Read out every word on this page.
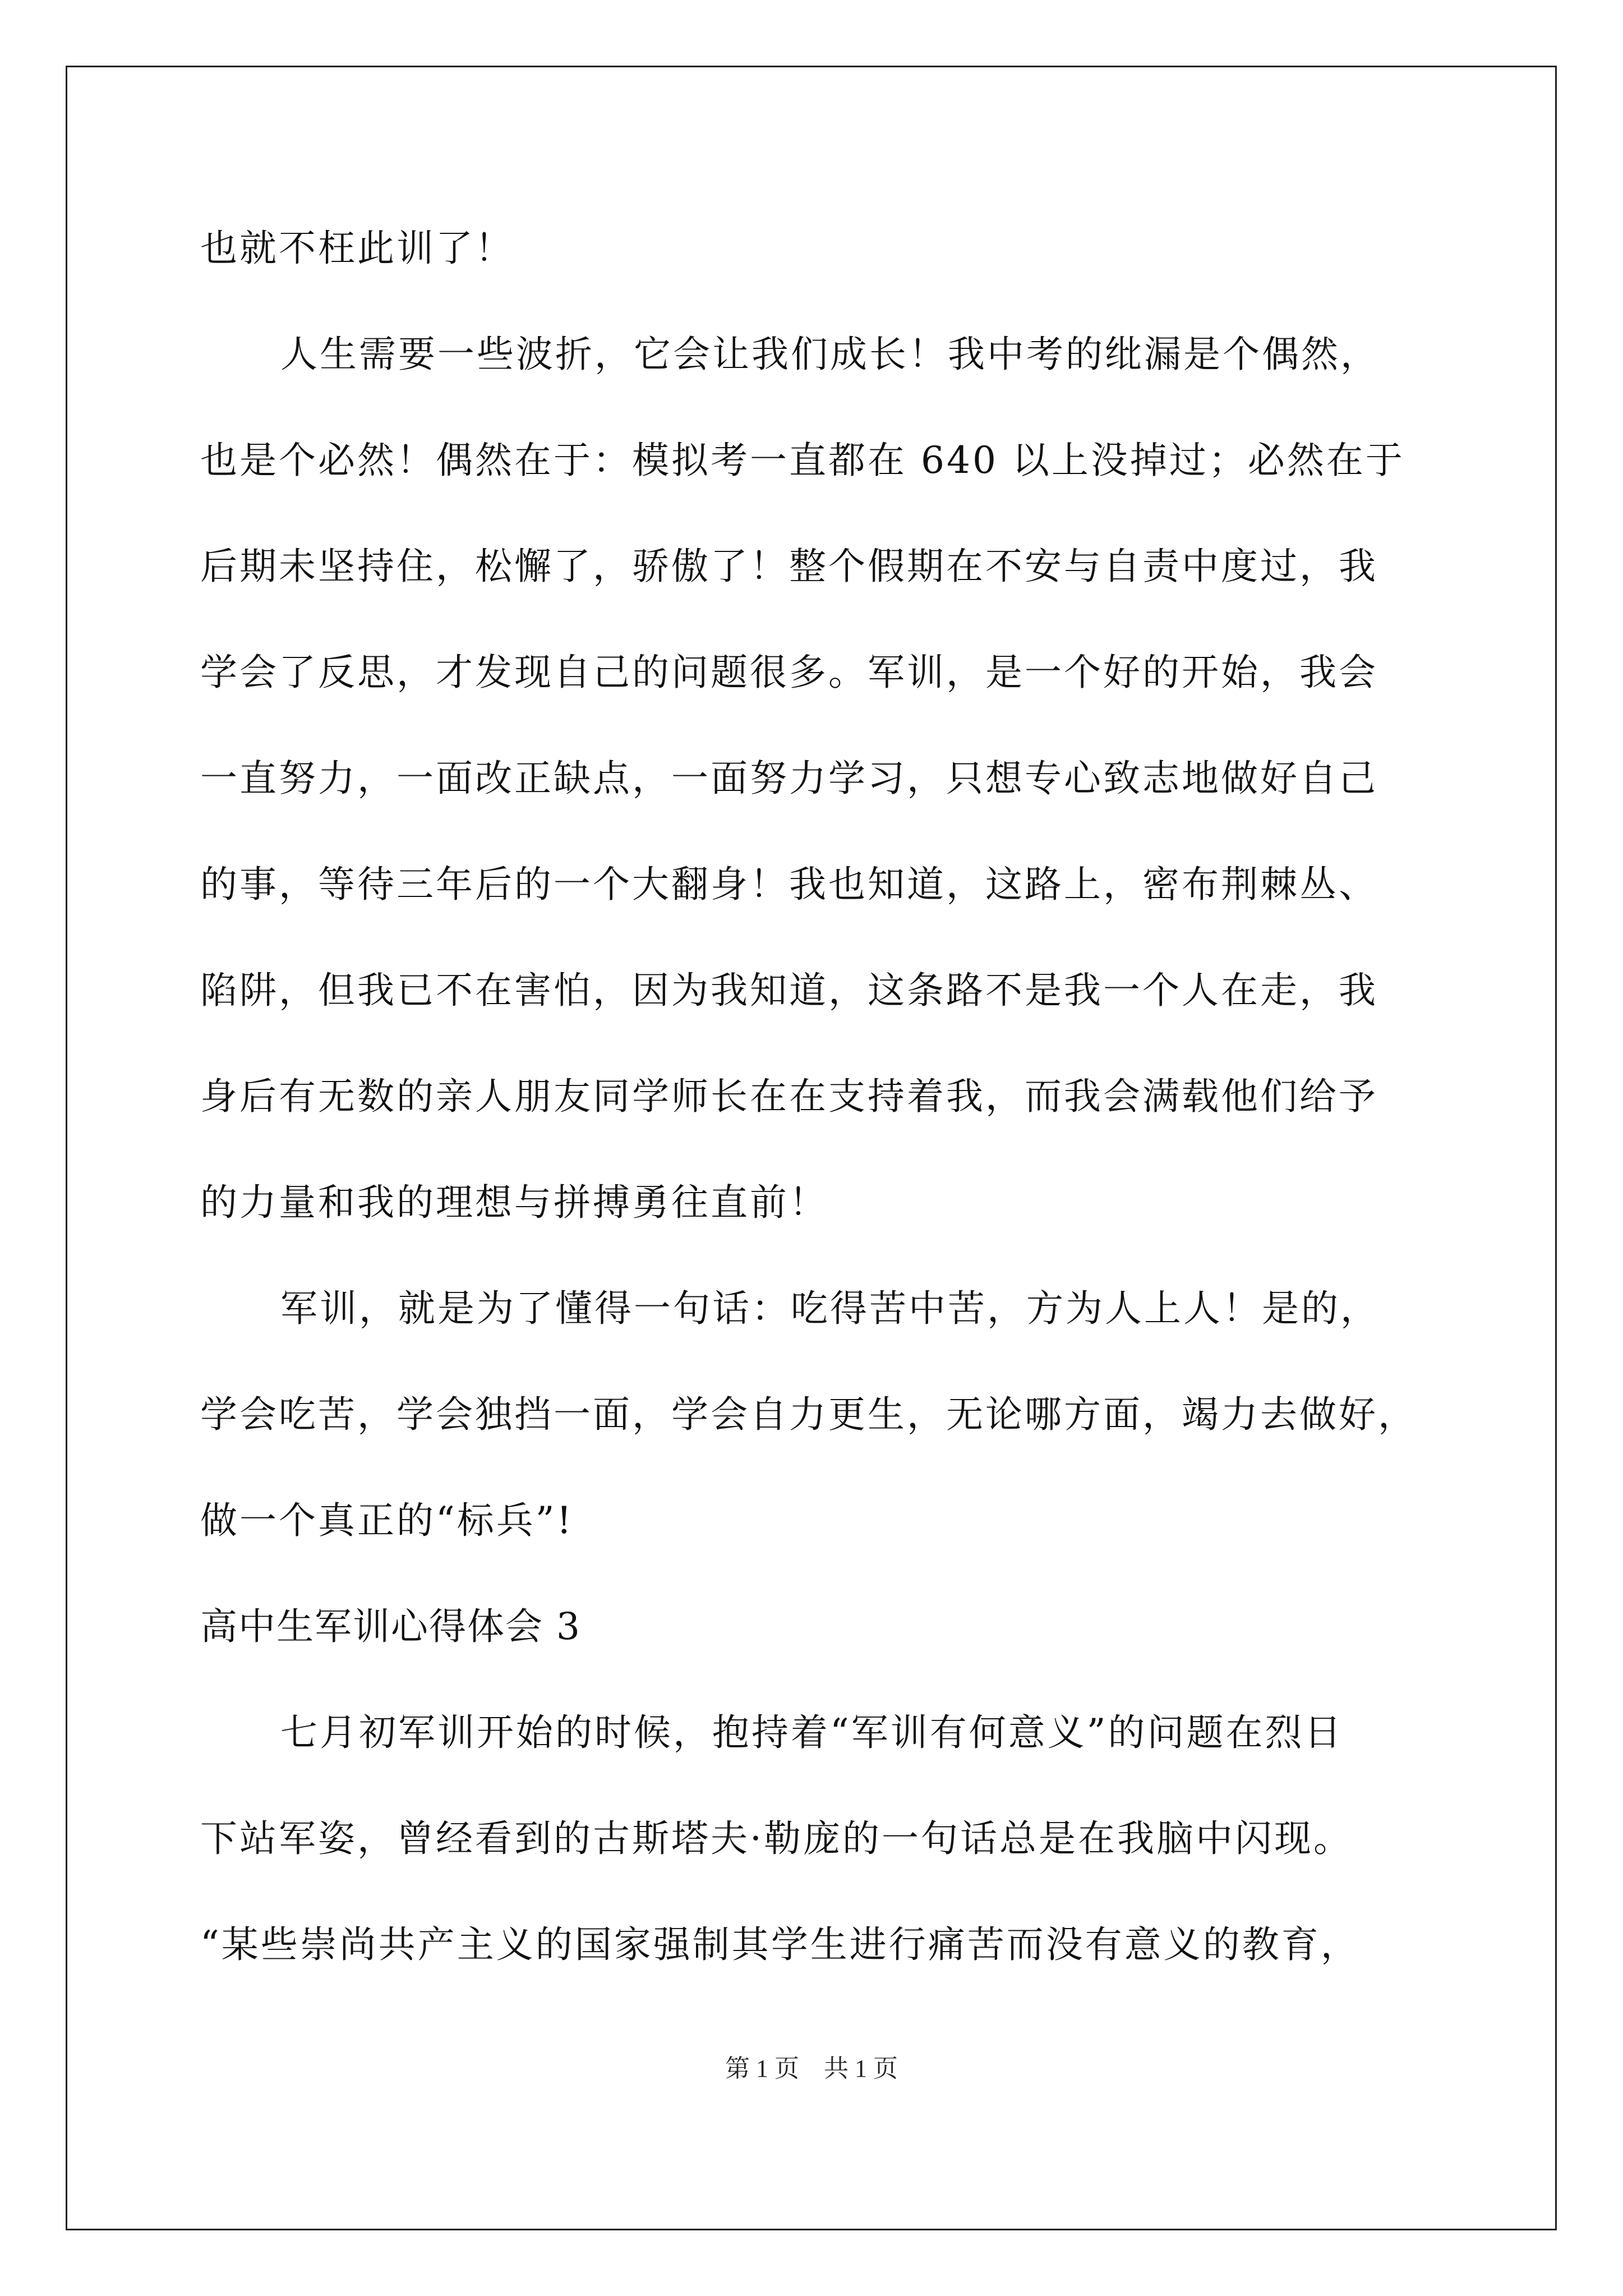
也就不枉此训了！
人生需要一些波折，它会让我们成长！我中考的纰漏是个偶然，
也是个必然！偶然在于：模拟考一直都在 640 以上没掉过；必然在于
后期未坚持住，松懈了，骄傲了！整个假期在不安与自责中度过，我
学会了反思，才发现自己的问题很多。军训，是一个好的开始，我会
一直努力，一面改正缺点，一面努力学习，只想专心致志地做好自己
的事，等待三年后的一个大翻身！我也知道，这路上，密布荆棘丛、
陷阱，但我已不在害怕，因为我知道，这条路不是我一个人在走，我
身后有无数的亲人朋友同学师长在在支持着我，而我会满载他们给予
的力量和我的理想与拼搏勇往直前！
军训，就是为了懂得一句话：吃得苦中苦，方为人上人！是的，
学会吃苦，学会独挡一面，学会自力更生，无论哪方面，竭力去做好，
做一个真正的“标兵”!
高中生军训心得体会 3
七月初军训开始的时候，抱持着“军训有何意义”的问题在烈日
下站军姿，曾经看到的古斯塔夫·勒庞的一句话总是在我脑中闪现。
“某些崇尚共产主义的国家强制其学生进行痛苦而没有意义的教育，
第 1 页    共 1 页
